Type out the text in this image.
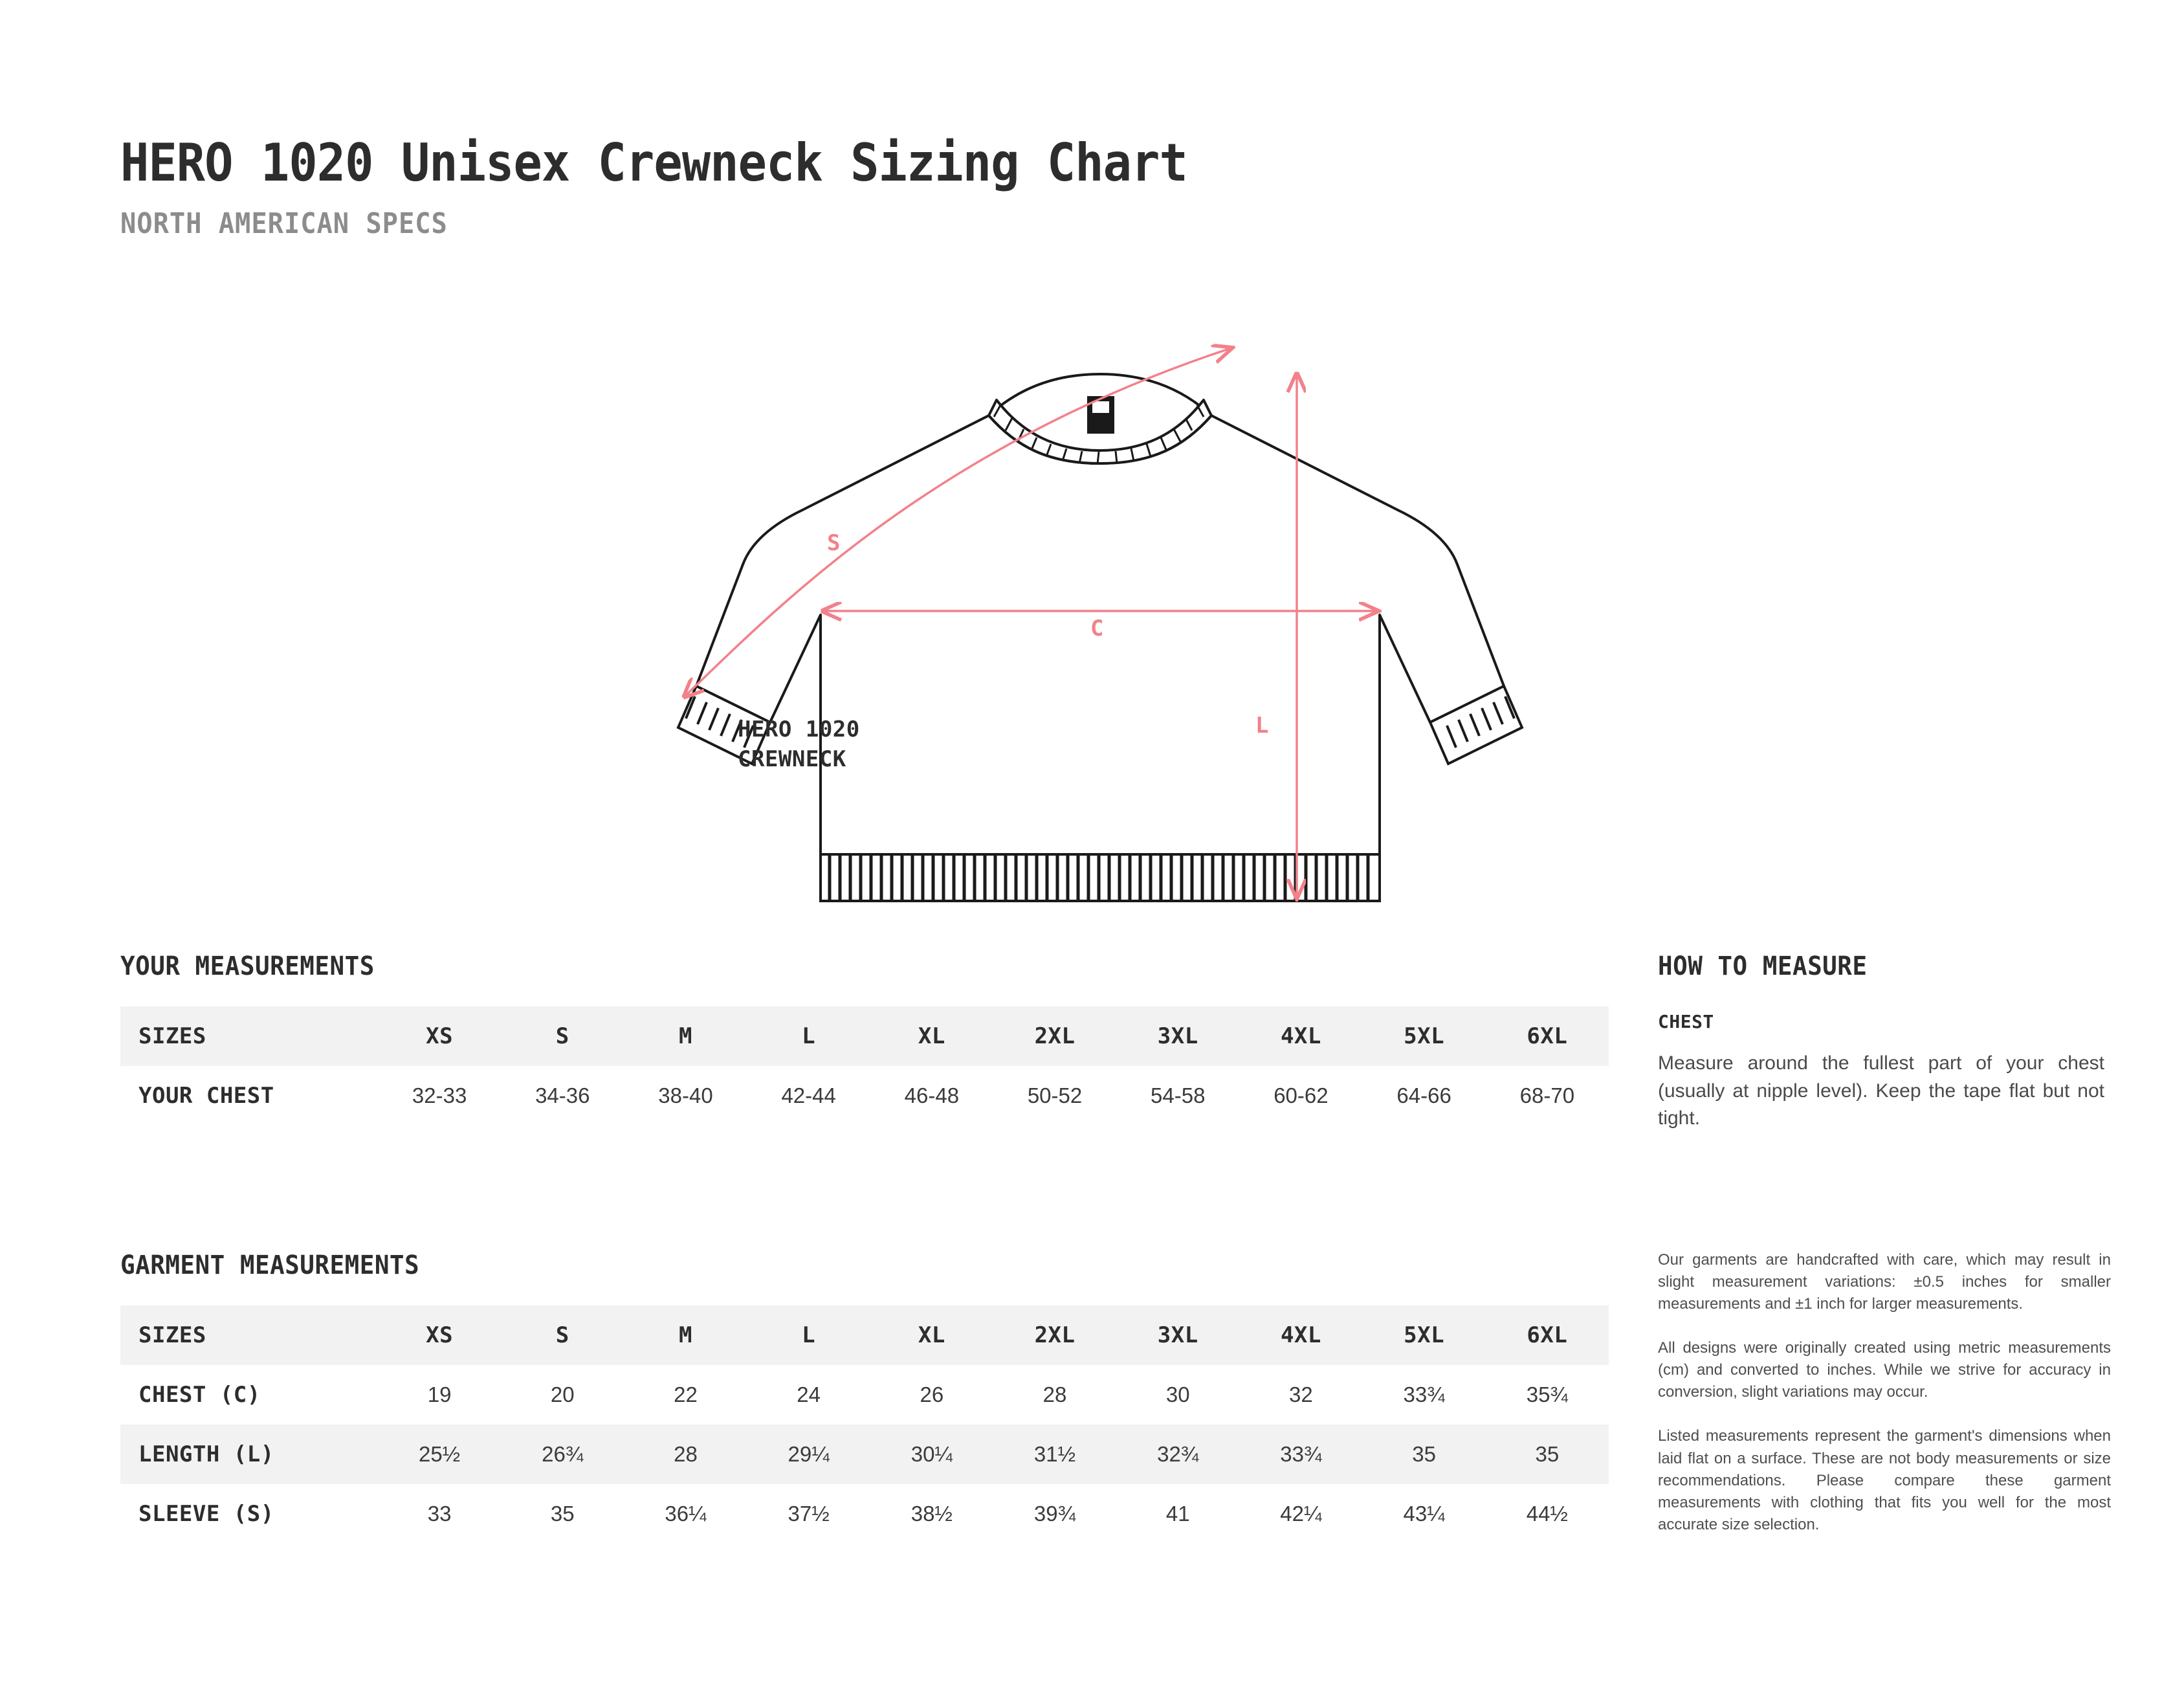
HERO 1020 Unisex Crewneck Sizing Chart
NORTH AMERICAN SPECS
S
C
L
HERO 1020
CREWNECK
YOUR MEASUREMENTS
SIZES	XS	S	M	L	XL	2XL	3XL	4XL	5XL	6XL
YOUR CHEST	32-33	34-36	38-40	42-44	46-48	50-52	54-58	60-62	64-66	68-70
GARMENT MEASUREMENTS
SIZES	XS	S	M	L	XL	2XL	3XL	4XL	5XL	6XL
CHEST (C)	19	20	22	24	26	28	30	32	33¾	35¾
LENGTH (L)	25½	26¾	28	29¼	30¼	31½	32¾	33¾	35	35
SLEEVE (S)	33	35	36¼	37½	38½	39¾	41	42¼	43¼	44½
HOW TO MEASURE
CHEST
Measure around the fullest part of your chest (usually at nipple level). Keep the tape flat but not tight.

Our garments are handcrafted with care, which may result in slight measurement variations: ±0.5 inches for smaller measurements and ±1 inch for larger measurements.

All designs were originally created using metric measurements (cm) and converted to inches. While we strive for accuracy in conversion, slight variations may occur.

Listed measurements represent the garment's dimensions when laid flat on a surface. These are not body measurements or size recommendations. Please compare these garment measurements with clothing that fits you well for the most accurate size selection.
